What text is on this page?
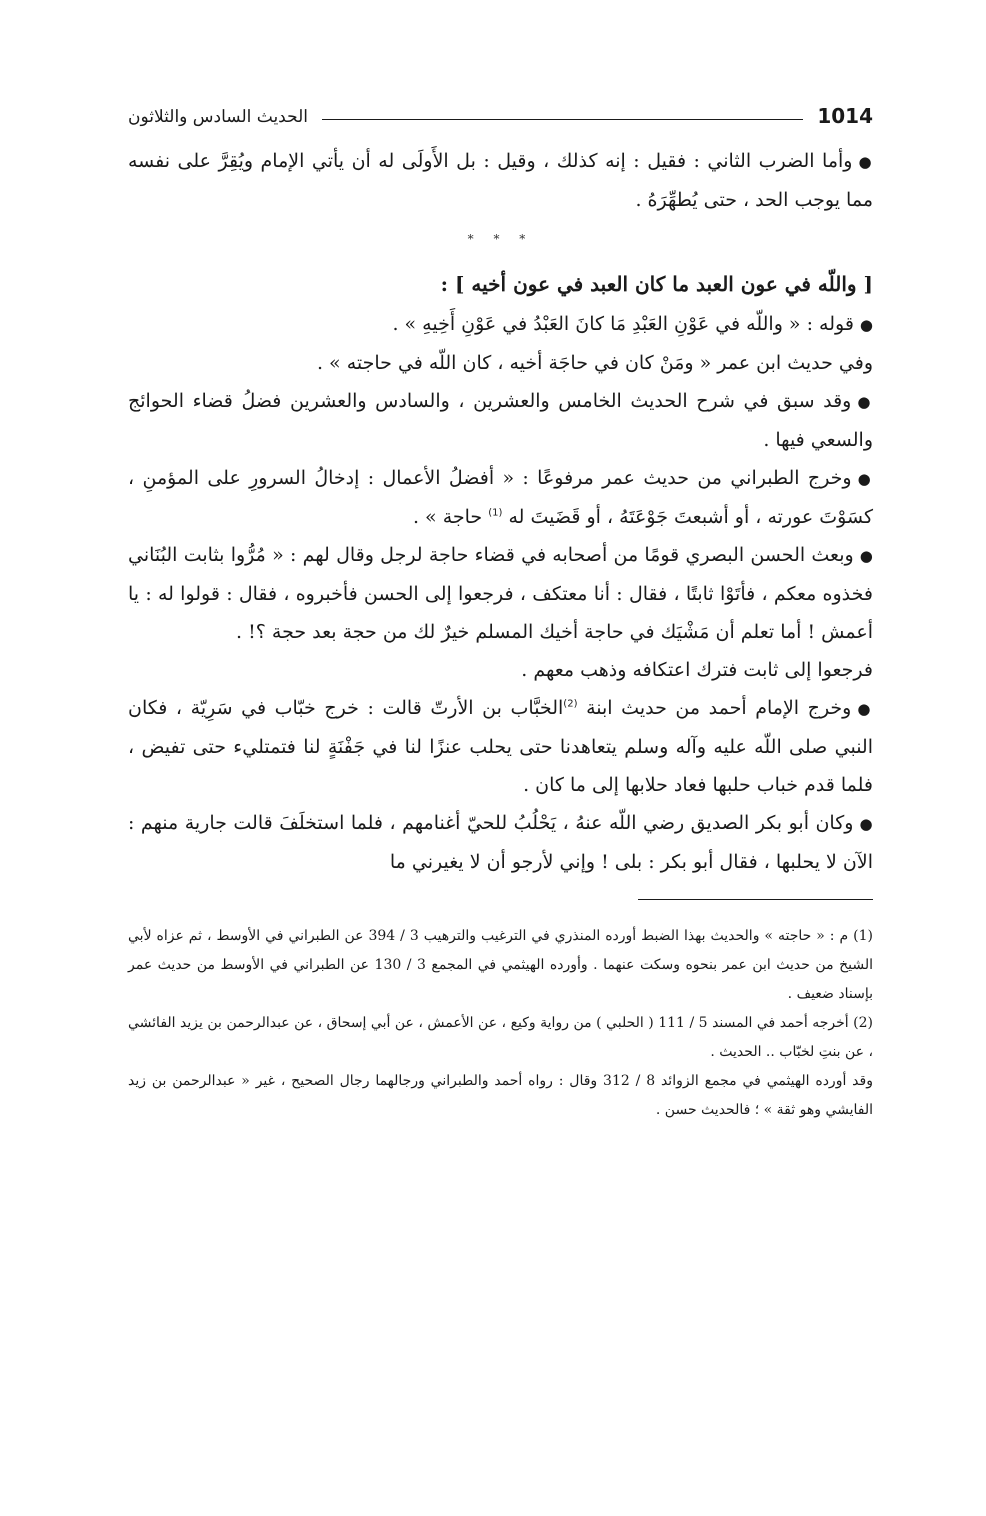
1014
الحديث السادس والثلاثون

●وأما الضرب الثاني : فقيل : إنه كذلك ، وقيل : بل الأَولَى له أن يأتي الإمام ويُقِرَّ على نفسه مما يوجب الحد ، حتى يُطهِّرَهُ .

* * *

[ واللّه في عون العبد ما كان العبد في عون أخيه ] :

●قوله : « واللّه في عَوْنِ العَبْدِ مَا كانَ العَبْدُ في عَوْنِ أَخِيهِ » .

وفي حديث ابن عمر « ومَنْ كان في حاجَة أخيه ، كان اللّه في حاجته » .

●وقد سبق في شرح الحديث الخامس والعشرين ، والسادس والعشرين فضلُ قضاء الحوائج والسعي فيها .

●وخرج الطبراني من حديث عمر مرفوعًا : « أفضلُ الأعمال : إدخالُ السرورِ على المؤمنِ ، كسَوْتَ عورته ، أو أشبعتَ جَوْعَتَهُ ، أو قَضَيتَ له $^{(1)}$ حاجة » .

●وبعث الحسن البصري قومًا من أصحابه في قضاء حاجة لرجل وقال لهم : « مُرُّوا بثابت البُنَاني فخذوه معكم ، فأتَوْا ثابتًا ، فقال : أنا معتكف ، فرجعوا إلى الحسن فأخبروه ، فقال : قولوا له : يا أعمش ! أما تعلم أن مَشْيَك في حاجة أخيك المسلم خيرٌ لك من حجة بعد حجة ؟! .

فرجعوا إلى ثابت فترك اعتكافه وذهب معهم .

●وخرج الإمام أحمد من حديث ابنة $^{(2)}$الخبَّاب بن الأرتّ قالت : خرج خبّاب في سَرِيّة ، فكان النبي صلى اللّه عليه وآله وسلم يتعاهدنا حتى يحلب عنزًا لنا في جَفْنَةٍ لنا فتمتليء حتى تفيض ، فلما قدم خباب حلبها فعاد حلابها إلى ما كان .

●وكان أبو بكر الصديق رضي اللّه عنهُ ، يَحْلُبُ للحيّ أغنامهم ، فلما استخلَفَ قالت جارية منهم : الآن لا يحلبها ، فقال أبو بكر : بلى ! وإني لأرجو أن لا يغيرني ما

(1) م : « حاجته » والحديث بهذا الضبط أورده المنذري في الترغيب والترهيب 3 / 394 عن الطبراني في الأوسط ، ثم عزاه لأبي الشيخ من حديث ابن عمر بنحوه وسكت عنهما . وأورده الهيثمي في المجمع 3 / 130 عن الطبراني في الأوسط من حديث عمر بإسناد ضعيف .

(2) أخرجه أحمد في المسند 5 / 111 ( الحلبي ) من رواية وكيع ، عن الأعمش ، عن أبي إسحاق ، عن عبدالرحمن بن يزيد الفائشي ، عن بنتِ لخبّاب .. الحديث .

وقد أورده الهيثمي في مجمع الزوائد 8 / 312 وقال : رواه أحمد والطبراني ورجالهما رجال الصحيح ، غير « عبدالرحمن بن زيد الفايشي وهو ثقة » ؛ فالحديث حسن .
